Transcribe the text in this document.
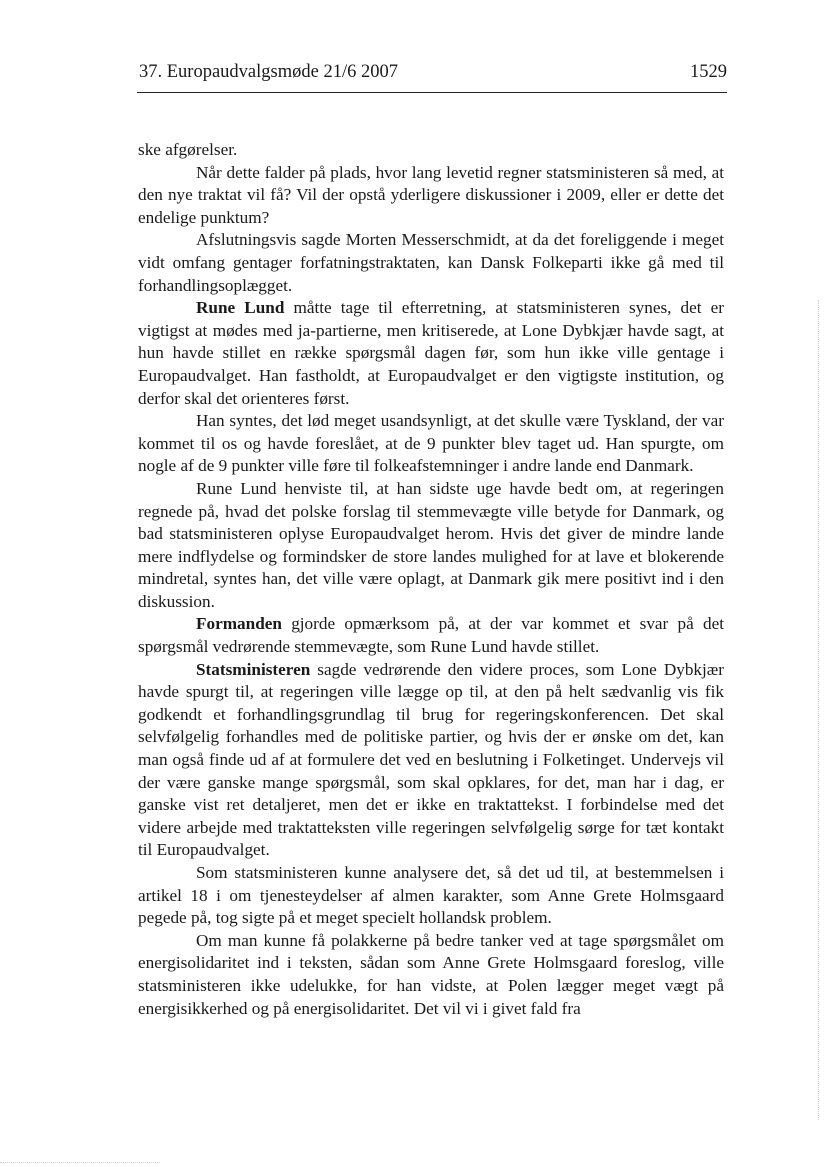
37. Europaudvalgsmøde 21/6 2007	1529

ske afgørelser.

Når dette falder på plads, hvor lang levetid regner statsministeren så med, at den nye traktat vil få? Vil der opstå yderligere diskussioner i 2009, eller er dette det endelige punktum?

Afslutningsvis sagde Morten Messerschmidt, at da det foreliggende i meget vidt omfang gentager forfatningstraktaten, kan Dansk Folkeparti ikke gå med til forhandlingsoplægget.

Rune Lund måtte tage til efterretning, at statsministeren synes, det er vigtigst at mødes med ja-partierne, men kritiserede, at Lone Dybkjær havde sagt, at hun havde stillet en række spørgsmål dagen før, som hun ikke ville gentage i Europaudvalget. Han fastholdt, at Europaudvalget er den vigtigste institution, og derfor skal det orienteres først.

Han syntes, det lød meget usandsynligt, at det skulle være Tyskland, der var kommet til os og havde foreslået, at de 9 punkter blev taget ud. Han spurgte, om nogle af de 9 punkter ville føre til folkeafstemninger i andre lande end Danmark.

Rune Lund henviste til, at han sidste uge havde bedt om, at regeringen regnede på, hvad det polske forslag til stemmevægte ville betyde for Danmark, og bad statsministeren oplyse Europaudvalget herom. Hvis det giver de mindre lande mere indflydelse og formindsker de store landes mulighed for at lave et blokerende mindretal, syntes han, det ville være oplagt, at Danmark gik mere positivt ind i den diskussion.

Formanden gjorde opmærksom på, at der var kommet et svar på det spørgsmål vedrørende stemmevægte, som Rune Lund havde stillet.

Statsministeren sagde vedrørende den videre proces, som Lone Dybkjær havde spurgt til, at regeringen ville lægge op til, at den på helt sædvanlig vis fik godkendt et forhandlingsgrundlag til brug for regeringskonferencen. Det skal selvfølgelig forhandles med de politiske partier, og hvis der er ønske om det, kan man også finde ud af at formulere det ved en beslutning i Folketinget. Undervejs vil der være ganske mange spørgsmål, som skal opklares, for det, man har i dag, er ganske vist ret detaljeret, men det er ikke en traktattekst. I forbindelse med det videre arbejde med traktatteksten ville regeringen selvfølgelig sørge for tæt kontakt til Europaudvalget.

Som statsministeren kunne analysere det, så det ud til, at bestemmelsen i artikel 18 i om tjenesteydelser af almen karakter, som Anne Grete Holmsgaard pegede på, tog sigte på et meget specielt hollandsk problem.

Om man kunne få polakkerne på bedre tanker ved at tage spørgsmålet om energisolidaritet ind i teksten, sådan som Anne Grete Holmsgaard foreslog, ville statsministeren ikke udelukke, for han vidste, at Polen lægger meget vægt på energisikkerhed og på energisolidaritet. Det vil vi i givet fald fra
